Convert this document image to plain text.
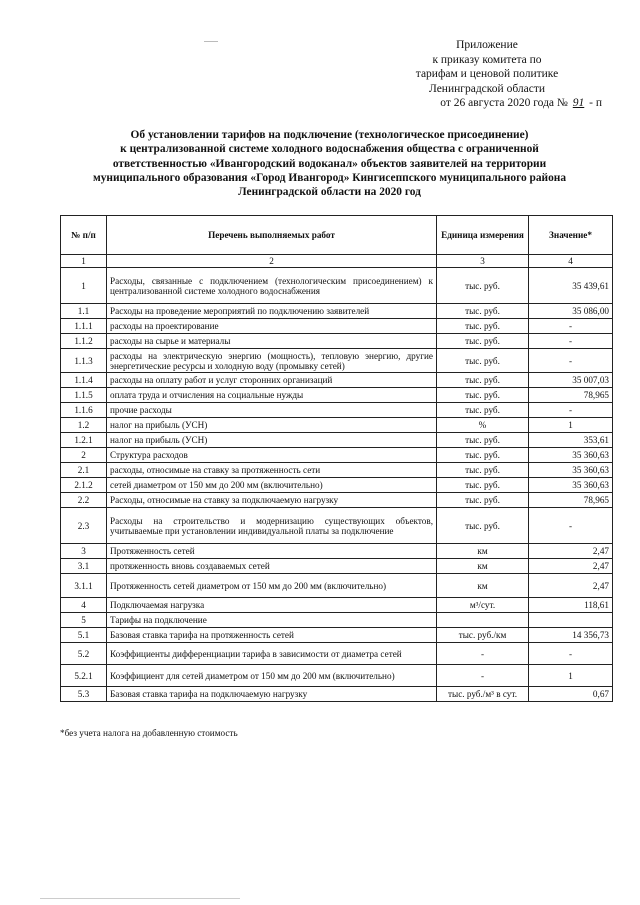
Приложение
к приказу комитета по
тарифам и ценовой политике
Ленинградской области
от 26 августа 2020 года № 91 - п
Об установлении тарифов на подключение (технологическое присоединение)
к централизованной системе холодного водоснабжения общества с ограниченной
ответственностью «Ивангородский водоканал» объектов заявителей на территории
муниципального образования «Город Ивангород» Кингисеппского муниципального района
Ленинградской области на 2020 год
№ п/п	Перечень выполняемых работ	Единица измерения	Значение*
1	2	3	4
1	Расходы, связанные с подключением (технологическим присоединением) к централизованной системе холодного водоснабжения	тыс. руб.	35 439,61
1.1	Расходы на проведение мероприятий по подключению заявителей	тыс. руб.	35 086,00
1.1.1	расходы на проектирование	тыс. руб.	-
1.1.2	расходы на сырье и материалы	тыс. руб.	-
1.1.3	расходы на электрическую энергию (мощность), тепловую энергию, другие энергетические ресурсы и холодную воду (промывку сетей)	тыс. руб.	-
1.1.4	расходы на оплату работ и услуг сторонних организаций	тыс. руб.	35 007,03
1.1.5	оплата труда и отчисления на социальные нужды	тыс. руб.	78,965
1.1.6	прочие расходы	тыс. руб.	-
1.2	налог на прибыль (УСН)	%	1
1.2.1	налог на прибыль (УСН)	тыс. руб.	353,61
2	Структура расходов	тыс. руб.	35 360,63
2.1	расходы, относимые на ставку за протяженность сети	тыс. руб.	35 360,63
2.1.2	сетей диаметром от 150 мм до 200 мм (включительно)	тыс. руб.	35 360,63
2.2	Расходы, относимые на ставку за подключаемую нагрузку	тыс. руб.	78,965
2.3	Расходы на строительство и модернизацию существующих объектов, учитываемые при установлении индивидуальной платы за подключение	тыс. руб.	-
3	Протяженность сетей	км	2,47
3.1	протяженность вновь создаваемых сетей	км	2,47
3.1.1	Протяженность сетей диаметром от 150 мм до 200 мм (включительно)	км	2,47
4	Подключаемая нагрузка	м³/сут.	118,61
5	Тарифы на подключение		
5.1	Базовая ставка тарифа на протяженность сетей	тыс. руб./км	14 356,73
5.2	Коэффициенты дифференциации тарифа в зависимости от диаметра сетей	-	-
5.2.1	Коэффициент для сетей диаметром от 150 мм до 200 мм (включительно)	-	1
5.3	Базовая ставка тарифа на подключаемую нагрузку	тыс. руб./м³ в сут.	0,67
*без учета налога на добавленную стоимость
